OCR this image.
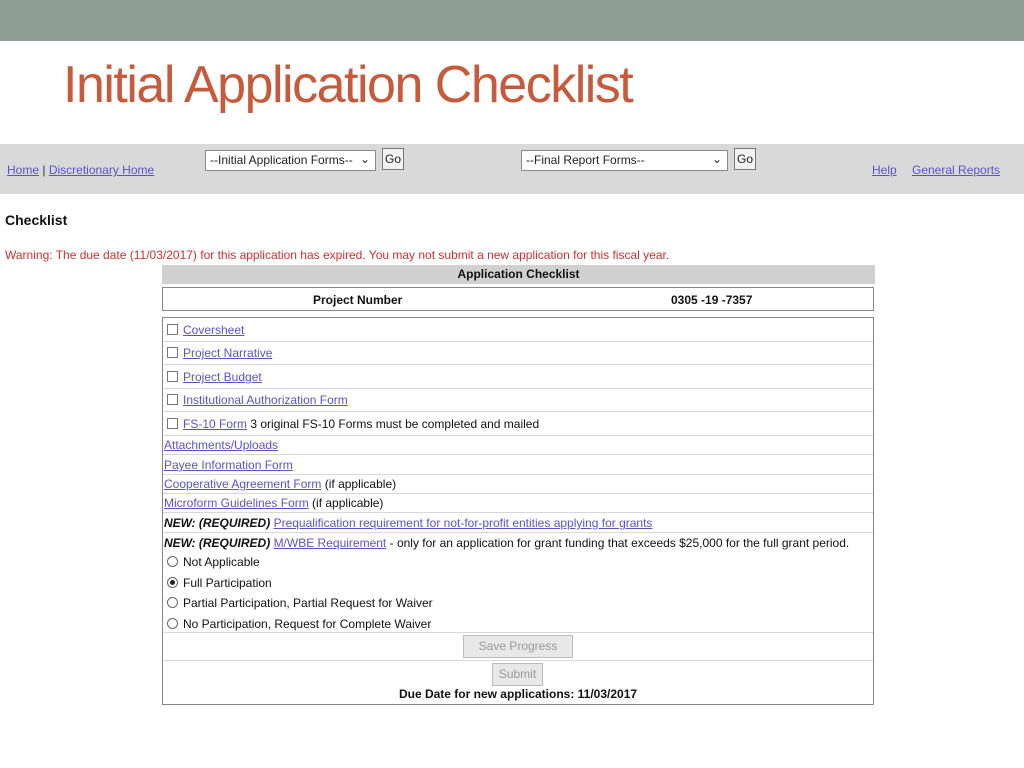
Initial Application Checklist
Home | Discretionary Home
--Initial Application Forms-- ⌄ Go	--Final Report Forms--	⌄ Go
Help General Reports
Checklist
Warning: The due date (11/03/2017) for this application has expired. You may not submit a new application for this fiscal year.
Application Checklist
Project Number	0305 -19 -7357
Coversheet
Project Narrative
Project Budget
Institutional Authorization Form
FS-10 Form 3 original FS-10 Forms must be completed and mailed
Attachments/Uploads
Payee Information Form
Cooperative Agreement Form (if applicable)
Microform Guidelines Form (if applicable)
NEW: (REQUIRED) Prequalification requirement for not-for-profit entities applying for grants
NEW: (REQUIRED) M/WBE Requirement - only for an application for grant funding that exceeds $25,000 for the full grant period.
Not Applicable
Full Participation
Partial Participation, Partial Request for Waiver
No Participation, Request for Complete Waiver
Save Progress
Submit
Due Date for new applications: 11/03/2017
